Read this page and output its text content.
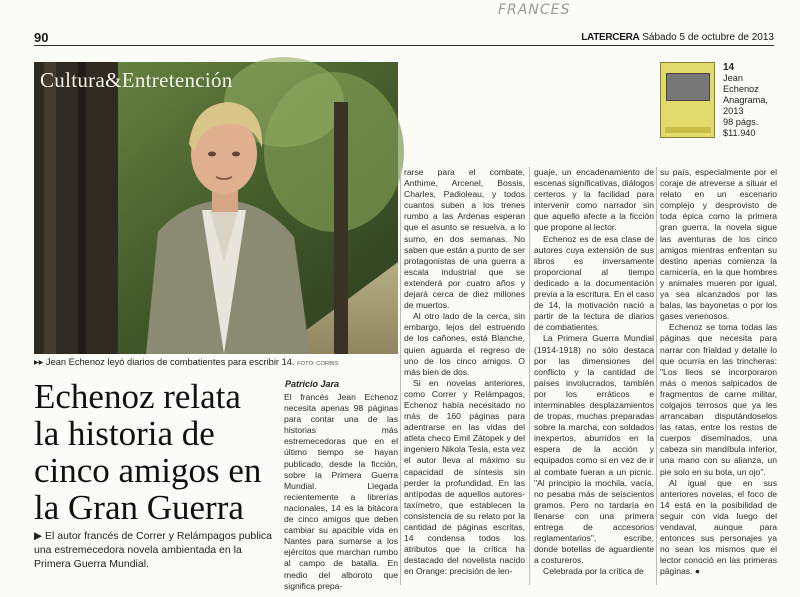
FRANCES
90	LATERCERA Sábado 5 de octubre de 2013
Cultura&Entretención
▸▸ Jean Echenoz leyó diarios de combatientes para escribir 14. FOTO: CORBIS
Echenoz relata la historia de cinco amigos en la Gran Guerra
▶ El autor francés de Correr y Relámpagos publica una estremecedora novela ambientada en la Primera Guerra Mundial.
Patricio Jara

El francés Jean Echenoz necesita apenas 98 páginas para contar una de las historias más estremecedoras que en el último tiempo se hayan publicado, desde la ficción, sobre la Primera Guerra Mundial. Llegada recientemente a librerías nacionales, 14 es la bitácora de cinco amigos que deben cambiar su apacible vida en Nantes para sumarse a los ejércitos que marchan rumbo al campo de batalla. En medio del alboroto que significa prepa-

rarse para el combate, Anthime, Arcenel, Bossis, Charles, Padioleau, y todos cuantos suben a los trenes rumbo a las Ardenas esperan que el asunto se resuelva, a lo sumo, en dos semanas. No saben que están a punto de ser protagonistas de una guerra a escala industrial que se extenderá por cuatro años y dejará cerca de diez millones de muertos.

Al otro lado de la cerca, sin embargo, lejos del estruendo de los cañones, está Blanche, quien aguarda el regreso de uno de los cinco amigos. O más bien de dos.

Si en novelas anteriores, como Correr y Relámpagos, Echenoz había necesitado no más de 160 páginas para adentrarse en las vidas del atleta checo Emil Zátopek y del ingeniero Nikola Tesla, esta vez el autor lleva al máximo su capacidad de síntesis sin perder la profundidad. En las antípodas de aquellos autores-taxímetro, que establecen la consistencia de su relato por la cantidad de páginas escritas, 14 condensa todos los atributos que la crítica ha destacado del novelista nacido en Orange: precisión de len-

guaje, un encadenamiento de escenas significativas, diálogos certeros y la facilidad para intervenir como narrador sin que aquello afecte a la ficción que propone al lector.

Echenoz es de esa clase de autores cuya extensión de sus libros es inversamente proporcional al tiempo dedicado a la documentación previa a la escritura. En el caso de 14, la motivación nació a partir de la lectura de diarios de combatientes.

La Primera Guerra Mundial (1914-1918) no sólo destaca por las dimensiones del conflicto y la cantidad de países involucrados, también por los erráticos e interminables desplazamientos de tropas, muchas preparadas sobre la marcha, con soldados inexpertos, aburridos en la espera de la acción y equipados como si en vez de ir al combate fueran a un picnic. "Al principio la mochila, vacía, no pesaba más de seiscientos gramos. Pero no tardaría en llenarse con una primera entrega de accesorios reglamentarios", escribe, donde botellas de aguardiente a costureros.

Celebrada por la crítica de

su país, especialmente por el coraje de atreverse a situar el relato en un escenario complejo y desprovisto de toda épica como la primera gran guerra, la novela sigue las aventuras de los cinco amigos mientras enfrentan su destino apenas comienza la carnicería, en la que hombres y animales mueren por igual, ya sea alcanzados por las balas, las bayonetas o por los gases venenosos.

Echenoz se toma todas las páginas que necesita para narrar con frialdad y detalle lo que ocurría en las trincheras: "Los lleos se incorporaron más o menos salpicados de fragmentos de carne militar, colgajos terrosos que ya les arrancaban disputándoselos las ratas, entre los restos de cuerpos disemínados, una cabeza sin mandíbula inferior, una mano con su alianza, un pie solo en su bota, un ojo".

Al igual que en sus anteriores novelas, el foco de 14 está en la posibilidad de seguir con vida luego del vendaval, aunque para entonces sus personajes ya no sean los mismos que el lector conoció en las primeras páginas. ●

14
Jean Echenoz
Anagrama,
2013
98 págs.
$11.940
